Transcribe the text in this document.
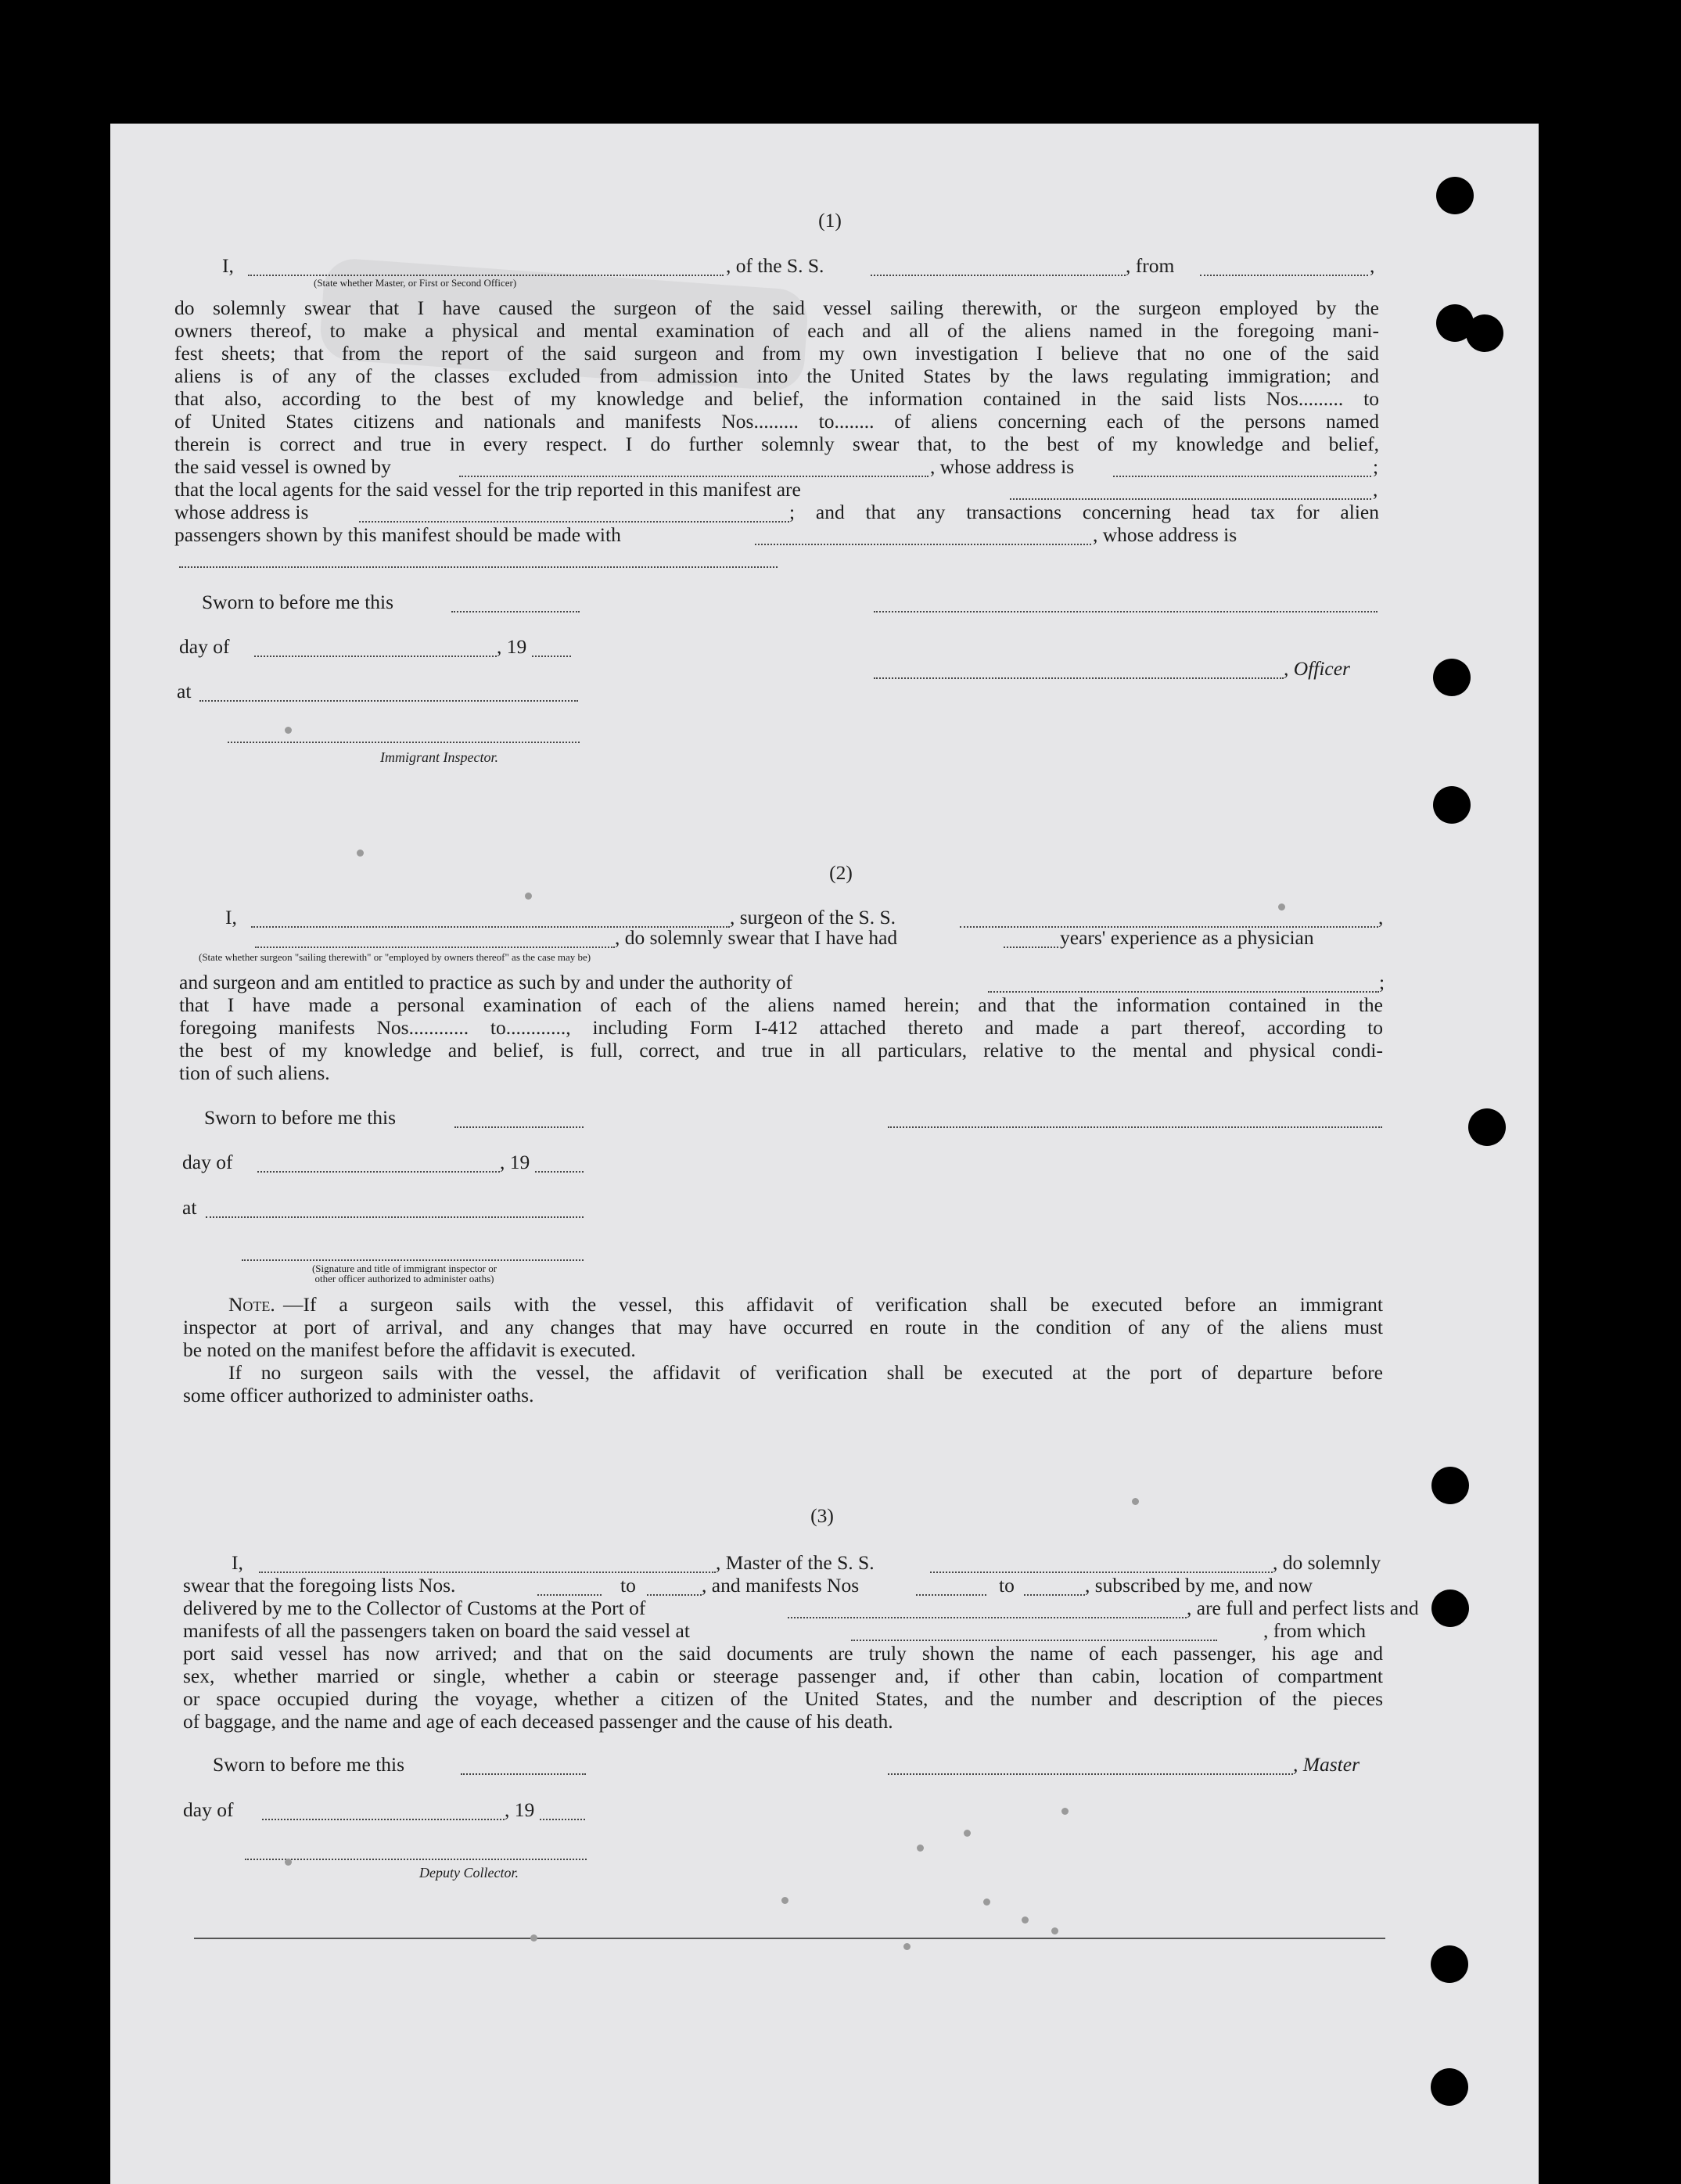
(1)
I,	, of the S. S.	, from	,
(State whether Master, or First or Second Officer)
do solemnly swear that I have caused the surgeon of the said vessel sailing therewith, or the surgeon employed by the
owners thereof, to make a physical and mental examination of each and all of the aliens named in the foregoing mani-
fest sheets; that from the report of the said surgeon and from my own investigation I believe that no one of the said
aliens is of any of the classes excluded from admission into the United States by the laws regulating immigration; and
that also, according to the best of my knowledge and belief, the information contained in the said lists Nos......... to
of United States citizens and nationals and manifests Nos......... to........ of aliens concerning each of the persons named
therein is correct and true in every respect. I do further solemnly swear that, to the best of my knowledge and belief,
the said vessel is owned by	, whose address is	;
that the local agents for the said vessel for the trip reported in this manifest are	,
whose address is	; and that any transactions concerning head tax for alien
passengers shown by this manifest should be made with	, whose address is
Sworn to before me this
day of	, 19
, Officer
at
Immigrant Inspector.
(2)
I,	, surgeon of the S. S.	,
, do solemnly swear that I have had	years' experience as a physician
(State whether surgeon "sailing therewith" or "employed by owners thereof" as the case may be)
and surgeon and am entitled to practice as such by and under the authority of	;
that I have made a personal examination of each of the aliens named herein; and that the information contained in the
foregoing manifests Nos............ to............, including Form I-412 attached thereto and made a part thereof, according to
the best of my knowledge and belief, is full, correct, and true in all particulars, relative to the mental and physical condi-
tion of such aliens.
Sworn to before me this
day of	, 19
at
(Signature and title of immigrant inspector or
other officer authorized to administer oaths)
Note. —If a surgeon sails with the vessel, this affidavit of verification shall be executed before an immigrant
inspector at port of arrival, and any changes that may have occurred en route in the condition of any of the aliens must
be noted on the manifest before the affidavit is executed.
If no surgeon sails with the vessel, the affidavit of verification shall be executed at the port of departure before
some officer authorized to administer oaths.
(3)
I,	, Master of the S. S.	, do solemnly
swear that the foregoing lists Nos.	to	, and manifests Nos	to	, subscribed by me, and now
delivered by me to the Collector of Customs at the Port of	, are full and perfect lists and
manifests of all the passengers taken on board the said vessel at	, from which
port said vessel has now arrived; and that on the said documents are truly shown the name of each passenger, his age and
sex, whether married or single, whether a cabin or steerage passenger and, if other than cabin, location of compartment
or space occupied during the voyage, whether a citizen of the United States, and the number and description of the pieces
of baggage, and the name and age of each deceased passenger and the cause of his death.
Sworn to before me this	, Master
day of	, 19
Deputy Collector.
